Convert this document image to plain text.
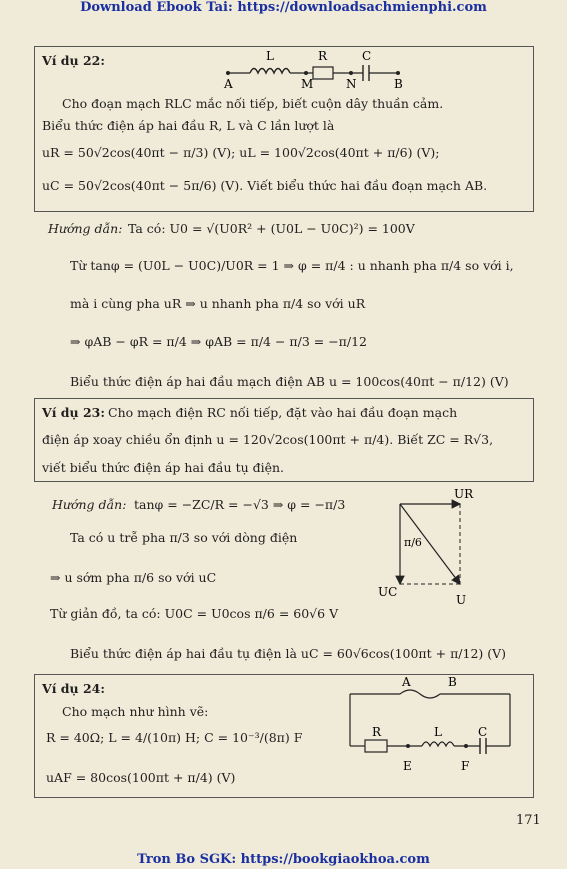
Download Ebook Tai: https://downloadsachmienphi.com
Ví dụ 22:	L	R	C
A	M	N	B
Cho đoạn mạch RLC mắc nối tiếp, biết cuộn dây thuần cảm.
Biểu thức điện áp hai đầu R, L và C lần lượt là
uR = 50√2cos(40πt − π/3) (V); uL = 100√2cos(40πt + π/6) (V);
uC = 50√2cos(40πt − 5π/6) (V). Viết biểu thức hai đầu đoạn mạch AB.
Hướng dẫn: Ta có: U0 = √(U0R² + (U0L − U0C)²) = 100V
Từ tanφ = (U0L − U0C)/U0R = 1 ⇒ φ = π/4 : u nhanh pha π/4 so với i,
mà i cùng pha uR ⇒ u nhanh pha π/4 so với uR
⇒ φAB − φR = π/4 ⇒ φAB = π/4 − π/3 = −π/12
Biểu thức điện áp hai đầu mạch điện AB u = 100cos(40πt − π/12) (V)
Ví dụ 23: Cho mạch điện RC nối tiếp, đặt vào hai đầu đoạn mạch
điện áp xoay chiều ổn định u = 120√2cos(100πt + π/4). Biết ZC = R√3,
viết biểu thức điện áp hai đầu tụ điện.
Hướng dẫn: tanφ = −ZC/R = −√3 ⇒ φ = −π/3
Ta có u trễ pha π/3 so với dòng điện
⇒ u sớm pha π/6 so với uC
Từ giản đồ, ta có: U0C = U0cos π/6 = 60√6 V
Biểu thức điện áp hai đầu tụ điện là uC = 60√6cos(100πt + π/12) (V)
UR
UC
U
π/6
Ví dụ 24:
Cho mạch như hình vẽ:
R = 40Ω; L = 4/(10π) H; C = 10⁻³/(8π) F
uAF = 80cos(100πt + π/4) (V)
A	B
R	L	C
E	F
171
Tron Bo SGK: https://bookgiaokhoa.com
